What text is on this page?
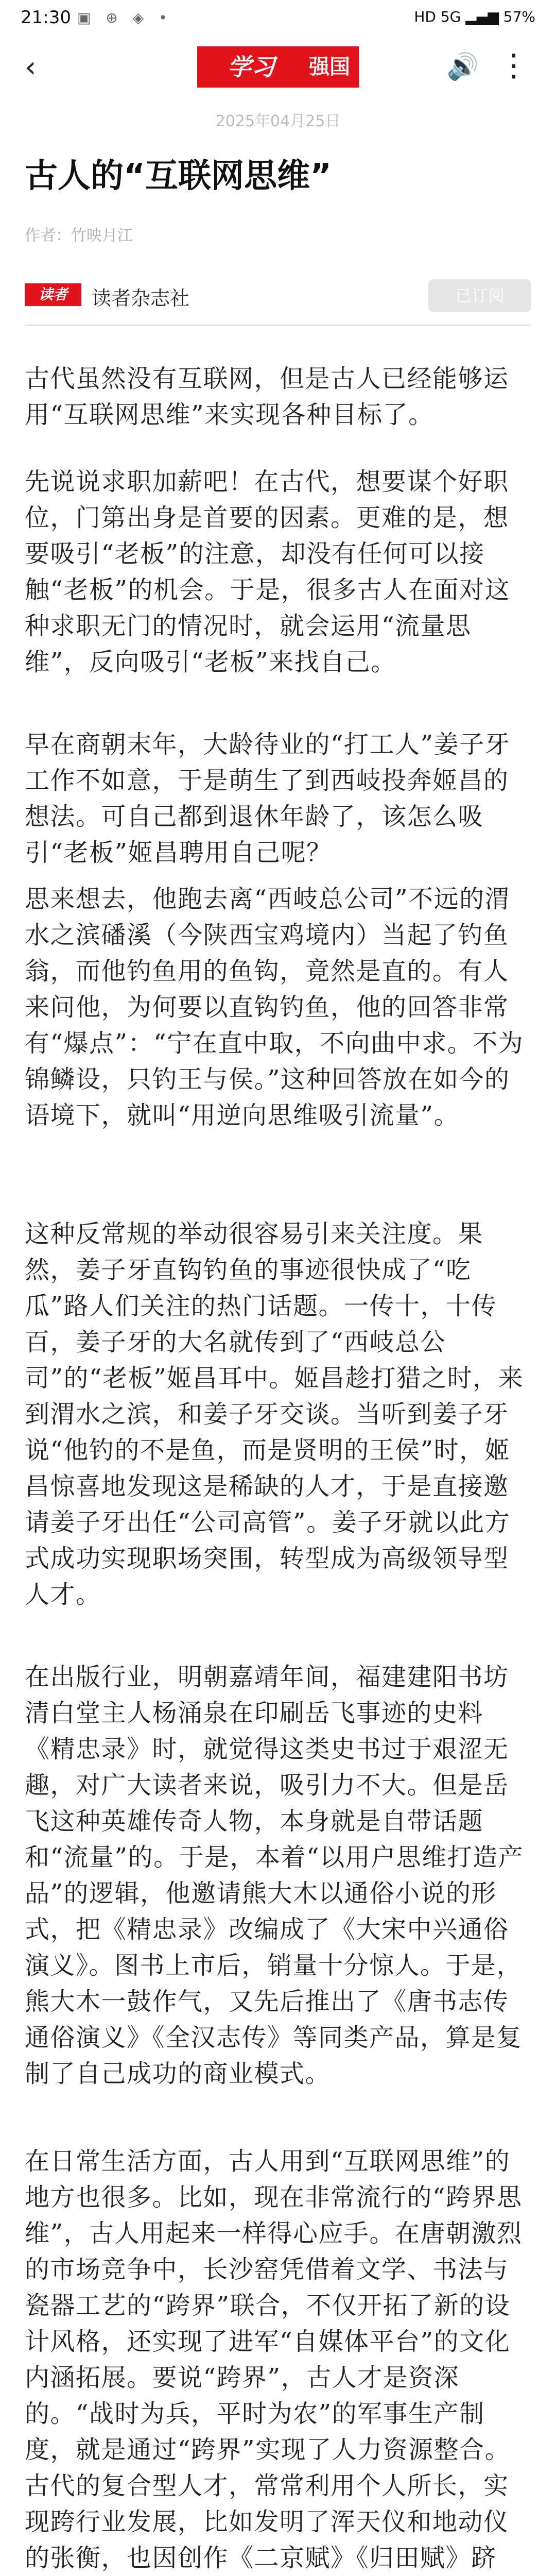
21:30 ▣ ⊕ ◈ •	HD 5G ▂▄▆ 57%
‹	学习	强国	🔊 ⋮
2025年04月25日
古人的“互联网思维”
作者：竹映月江
读者	读者杂志社	已订阅

古代虽然没有互联网，但是古人已经能够运用“互联网思维”来实现各种目标了。

先说说求职加薪吧！在古代，想要谋个好职位，门第出身是首要的因素。更难的是，想要吸引“老板”的注意，却没有任何可以接触“老板”的机会。于是，很多古人在面对这种求职无门的情况时，就会运用“流量思维”，反向吸引“老板”来找自己。

早在商朝末年，大龄待业的“打工人”姜子牙工作不如意，于是萌生了到西岐投奔姬昌的想法。可自己都到退休年龄了，该怎么吸引“老板”姬昌聘用自己呢？

思来想去，他跑去离“西岐总公司”不远的渭水之滨磻溪（今陕西宝鸡境内）当起了钓鱼翁，而他钓鱼用的鱼钩，竟然是直的。有人来问他，为何要以直钩钓鱼，他的回答非常有“爆点”：“宁在直中取，不向曲中求。不为锦鳞设，只钓王与侯。”这种回答放在如今的语境下，就叫“用逆向思维吸引流量”。

这种反常规的举动很容易引来关注度。果然，姜子牙直钩钓鱼的事迹很快成了“吃瓜”路人们关注的热门话题。一传十，十传百，姜子牙的大名就传到了“西岐总公司”的“老板”姬昌耳中。姬昌趁打猎之时，来到渭水之滨，和姜子牙交谈。当听到姜子牙说“他钓的不是鱼，而是贤明的王侯”时，姬昌惊喜地发现这是稀缺的人才，于是直接邀请姜子牙出任“公司高管”。姜子牙就以此方式成功实现职场突围，转型成为高级领导型人才。

在出版行业，明朝嘉靖年间，福建建阳书坊清白堂主人杨涌泉在印刷岳飞事迹的史料《精忠录》时，就觉得这类史书过于艰涩无趣，对广大读者来说，吸引力不大。但是岳飞这种英雄传奇人物，本身就是自带话题和“流量”的。于是，本着“以用户思维打造产品”的逻辑，他邀请熊大木以通俗小说的形式，把《精忠录》改编成了《大宋中兴通俗演义》。图书上市后，销量十分惊人。于是，熊大木一鼓作气，又先后推出了《唐书志传通俗演义》《全汉志传》等同类产品，算是复制了自己成功的商业模式。

在日常生活方面，古人用到“互联网思维”的地方也很多。比如，现在非常流行的“跨界思维”，古人用起来一样得心应手。在唐朝激烈的市场竞争中，长沙窑凭借着文学、书法与瓷器工艺的“跨界”联合，不仅开拓了新的设计风格，还实现了进军“自媒体平台”的文化内涵拓展。要说“跨界”，古人才是资深的。“战时为兵，平时为农”的军事生产制度，就是通过“跨界”实现了人力资源整合。古代的复合型人才，常常利用个人所长，实现跨行业发展，比如发明了浑天仪和地动仪的张衡，也因创作《二京赋》《归田赋》跻
